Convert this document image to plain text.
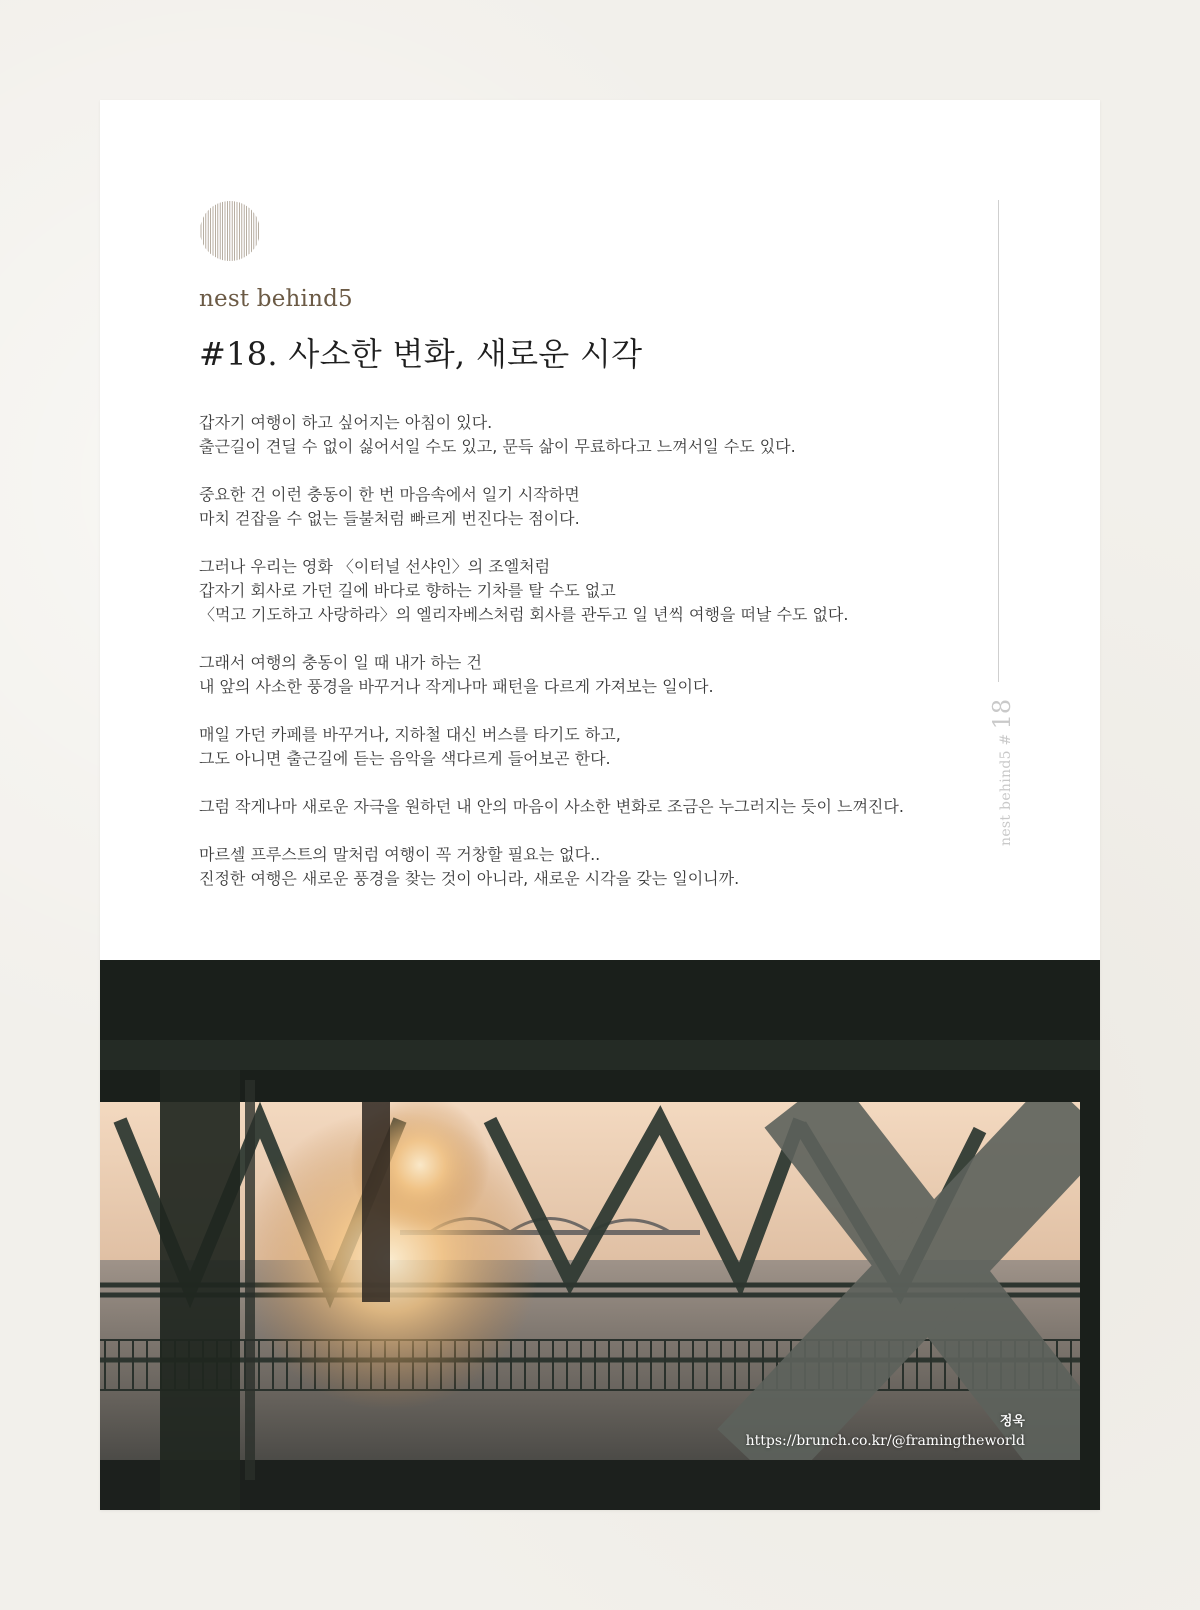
nest behind5
#18. 사소한 변화, 새로운 시각

갑자기 여행이 하고 싶어지는 아침이 있다.
출근길이 견딜 수 없이 싫어서일 수도 있고, 문득 삶이 무료하다고 느껴서일 수도 있다.

중요한 건 이런 충동이 한 번 마음속에서 일기 시작하면
마치 걷잡을 수 없는 들불처럼 빠르게 번진다는 점이다.

그러나 우리는 영화 〈이터널 선샤인〉의 조엘처럼
갑자기 회사로 가던 길에 바다로 향하는 기차를 탈 수도 없고
〈먹고 기도하고 사랑하라〉의 엘리자베스처럼 회사를 관두고 일 년씩 여행을 떠날 수도 없다.

그래서 여행의 충동이 일 때 내가 하는 건
내 앞의 사소한 풍경을 바꾸거나 작게나마 패턴을 다르게 가져보는 일이다.

매일 가던 카페를 바꾸거나, 지하철 대신 버스를 타기도 하고,
그도 아니면 출근길에 듣는 음악을 색다르게 들어보곤 한다.

그럼 작게나마 새로운 자극을 원하던 내 안의 마음이 사소한 변화로 조금은 누그러지는 듯이 느껴진다.

마르셀 프루스트의 말처럼 여행이 꼭 거창할 필요는 없다..
진정한 여행은 새로운 풍경을 찾는 것이 아니라, 새로운 시각을 갖는 일이니까.

nest behind5 #18
정욱
https://brunch.co.kr/@framingtheworld
